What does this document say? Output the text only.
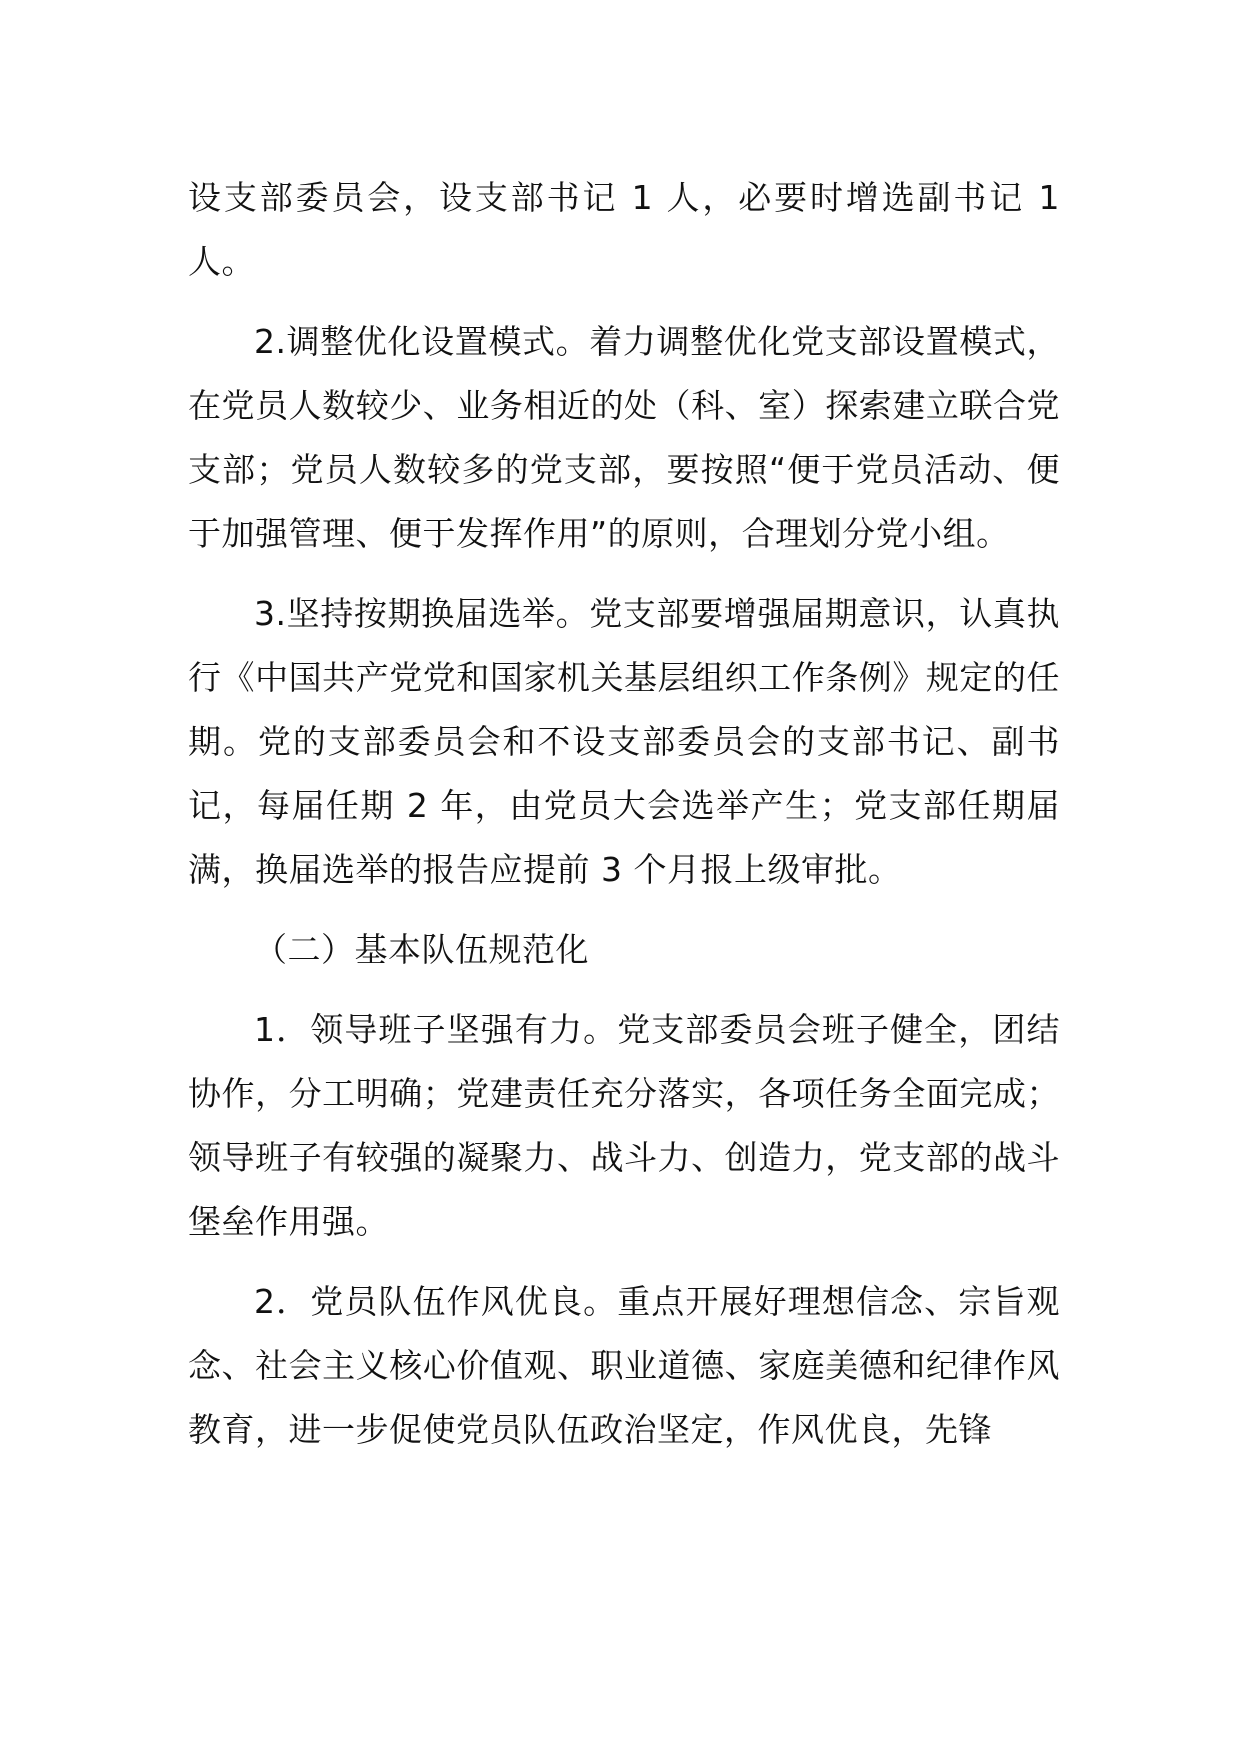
设支部委员会，设支部书记 1 人，必要时增选副书记 1 人。

2.调整优化设置模式。着力调整优化党支部设置模式，在党员人数较少、业务相近的处（科、室）探索建立联合党支部；党员人数较多的党支部，要按照“便于党员活动、便于加强管理、便于发挥作用”的原则，合理划分党小组。

3.坚持按期换届选举。党支部要增强届期意识，认真执行《中国共产党党和国家机关基层组织工作条例》规定的任期。党的支部委员会和不设支部委员会的支部书记、副书记，每届任期 2 年，由党员大会选举产生；党支部任期届满，换届选举的报告应提前 3 个月报上级审批。

（二）基本队伍规范化

1．领导班子坚强有力。党支部委员会班子健全，团结协作，分工明确；党建责任充分落实，各项任务全面完成；领导班子有较强的凝聚力、战斗力、创造力，党支部的战斗堡垒作用强。

2．党员队伍作风优良。重点开展好理想信念、宗旨观念、社会主义核心价值观、职业道德、家庭美德和纪律作风教育，进一步促使党员队伍政治坚定，作风优良，先锋
